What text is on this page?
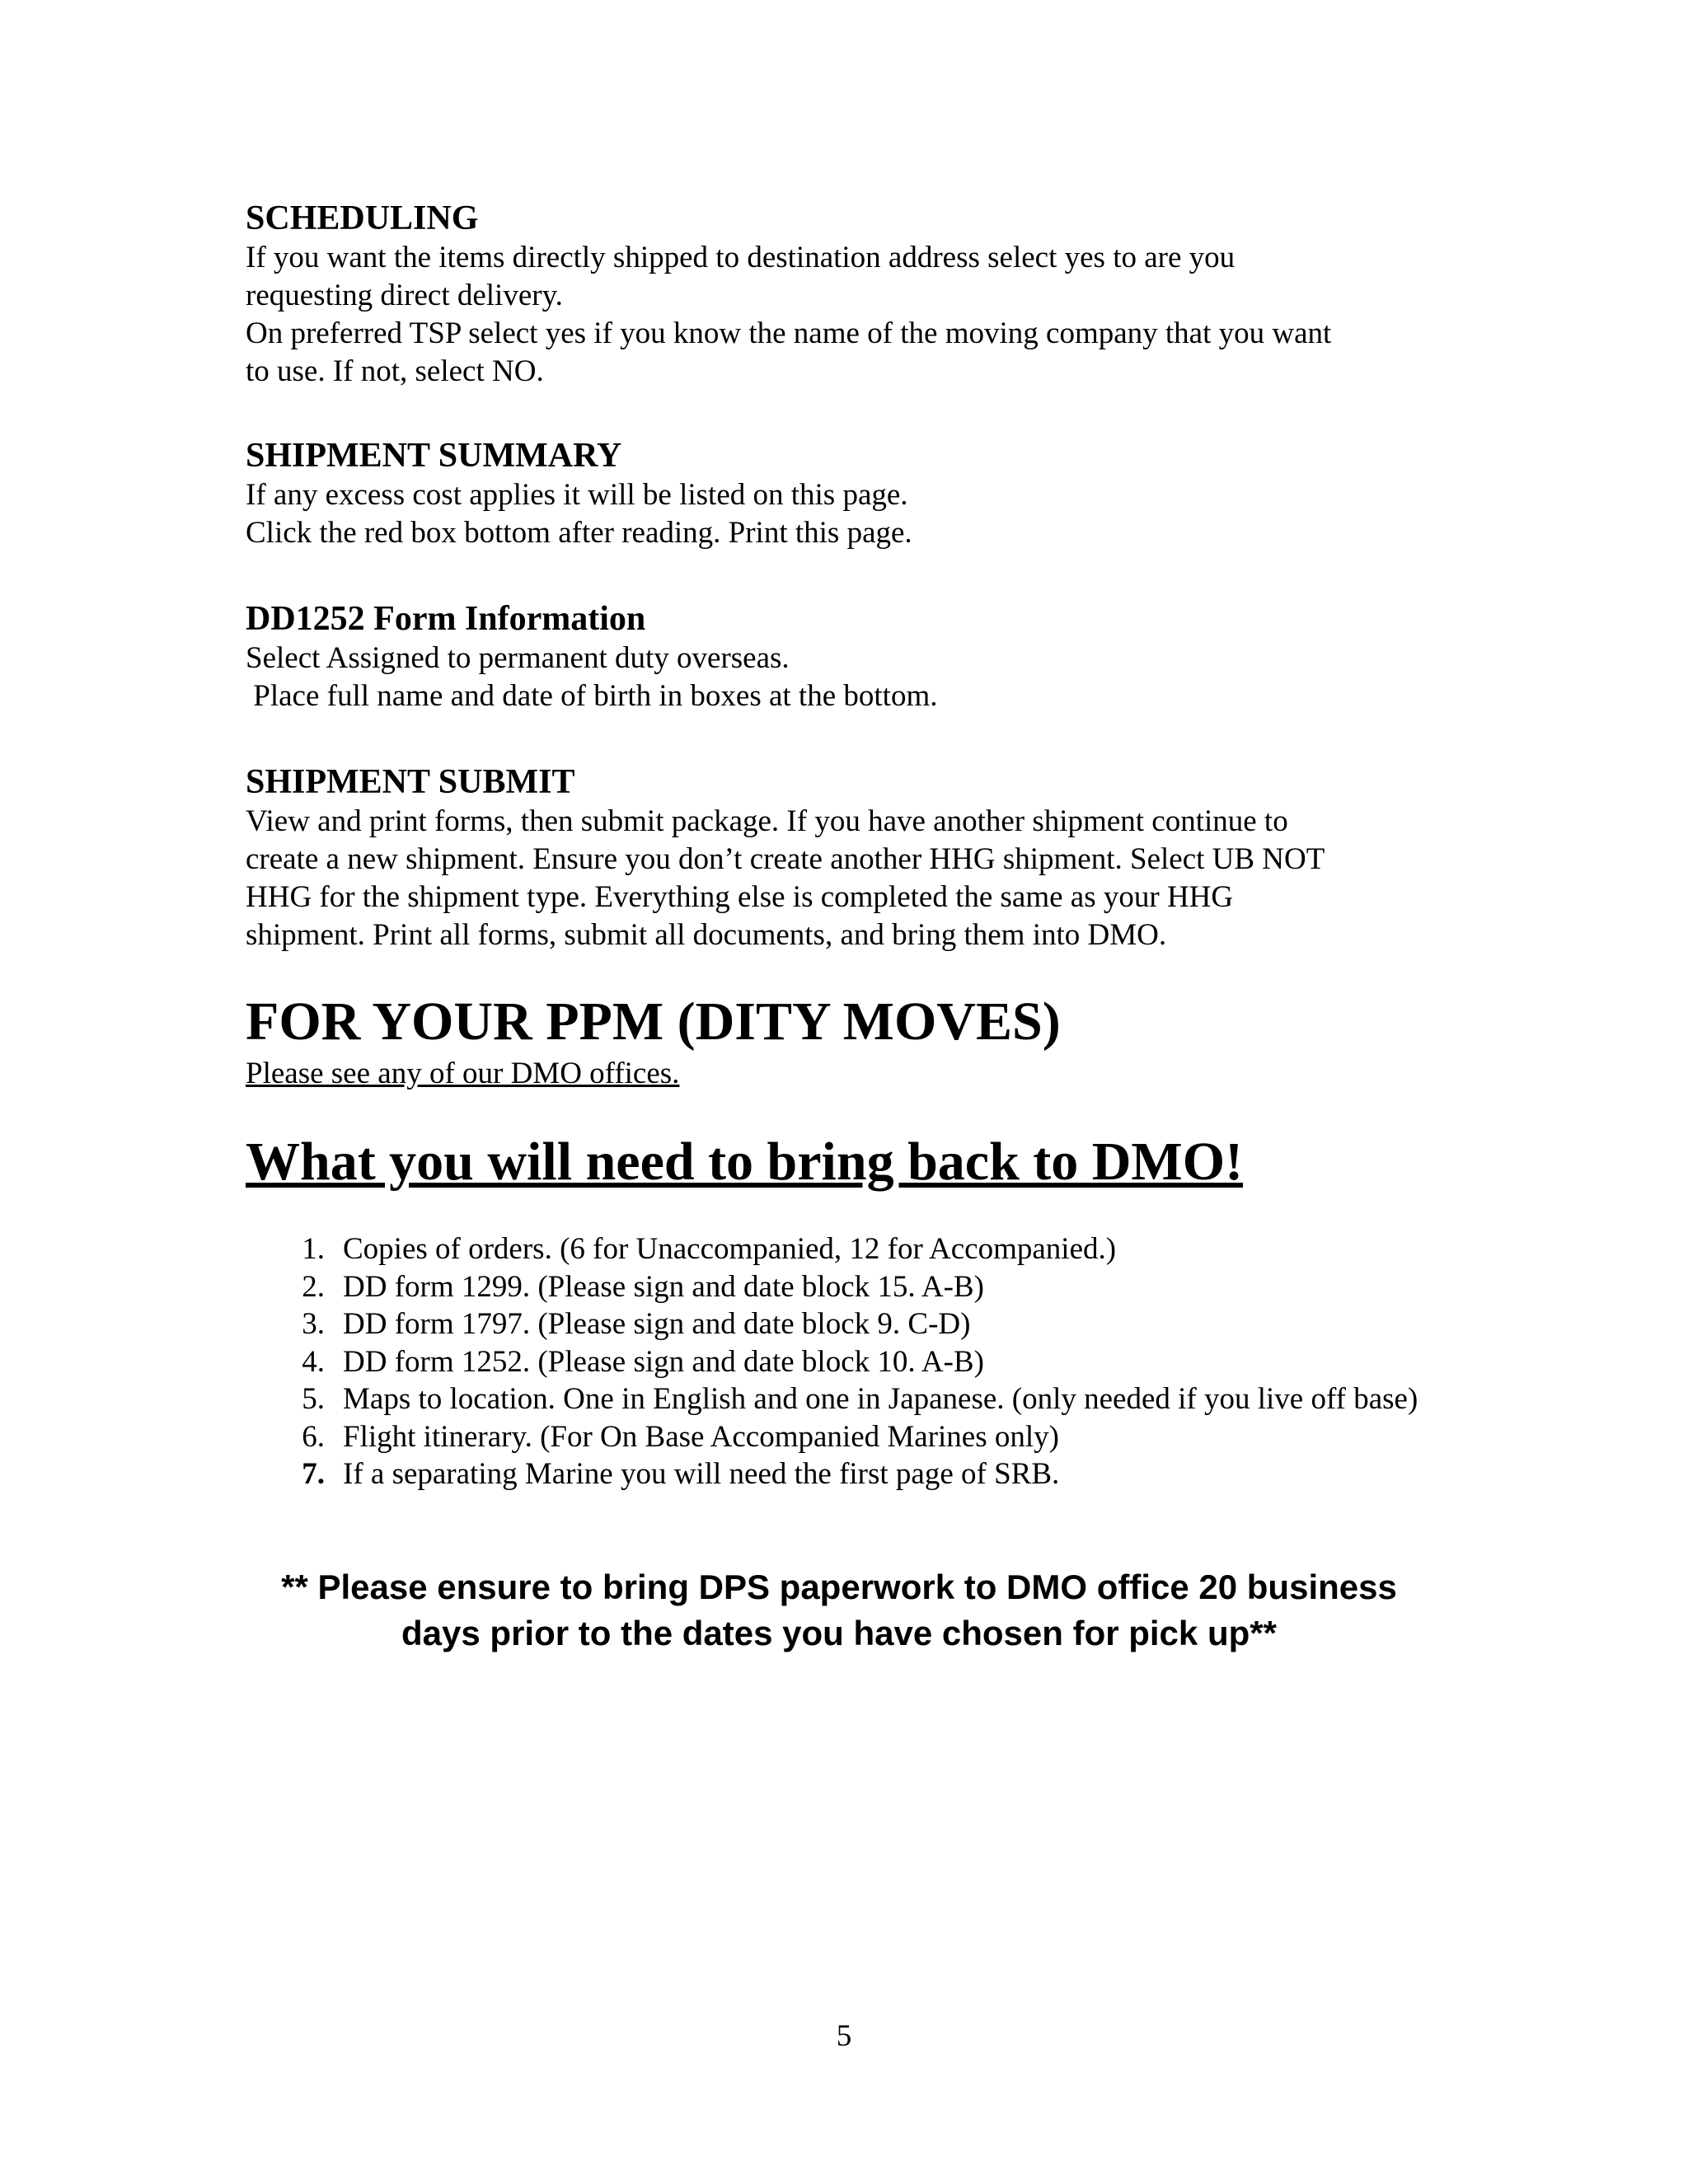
SCHEDULING

If you want the items directly shipped to destination address select yes to are you

requesting direct delivery.

On preferred TSP select yes if you know the name of the moving company that you want

to use. If not, select NO.

SHIPMENT SUMMARY

If any excess cost applies it will be listed on this page.

Click the red box bottom after reading. Print this page.

DD1252 Form Information

Select Assigned to permanent duty overseas.

Place full name and date of birth in boxes at the bottom.

SHIPMENT SUBMIT

View and print forms, then submit package. If you have another shipment continue to

create a new shipment. Ensure you don’t create another HHG shipment. Select UB NOT

HHG for the shipment type. Everything else is completed the same as your HHG

shipment. Print all forms, submit all documents, and bring them into DMO.

FOR YOUR PPM (DITY MOVES)
Please see any of our DMO offices.
What you will need to bring back to DMO!
1. Copies of orders. (6 for Unaccompanied, 12 for Accompanied.)
2. DD form 1299. (Please sign and date block 15. A-B)
3. DD form 1797. (Please sign and date block 9. C-D)
4. DD form 1252. (Please sign and date block 10. A-B)
5. Maps to location. One in English and one in Japanese. (only needed if you live off base)
6. Flight itinerary. (For On Base Accompanied Marines only)
7. If a separating Marine you will need the first page of SRB.
** Please ensure to bring DPS paperwork to DMO office 20 business
days prior to the dates you have chosen for pick up**
5
